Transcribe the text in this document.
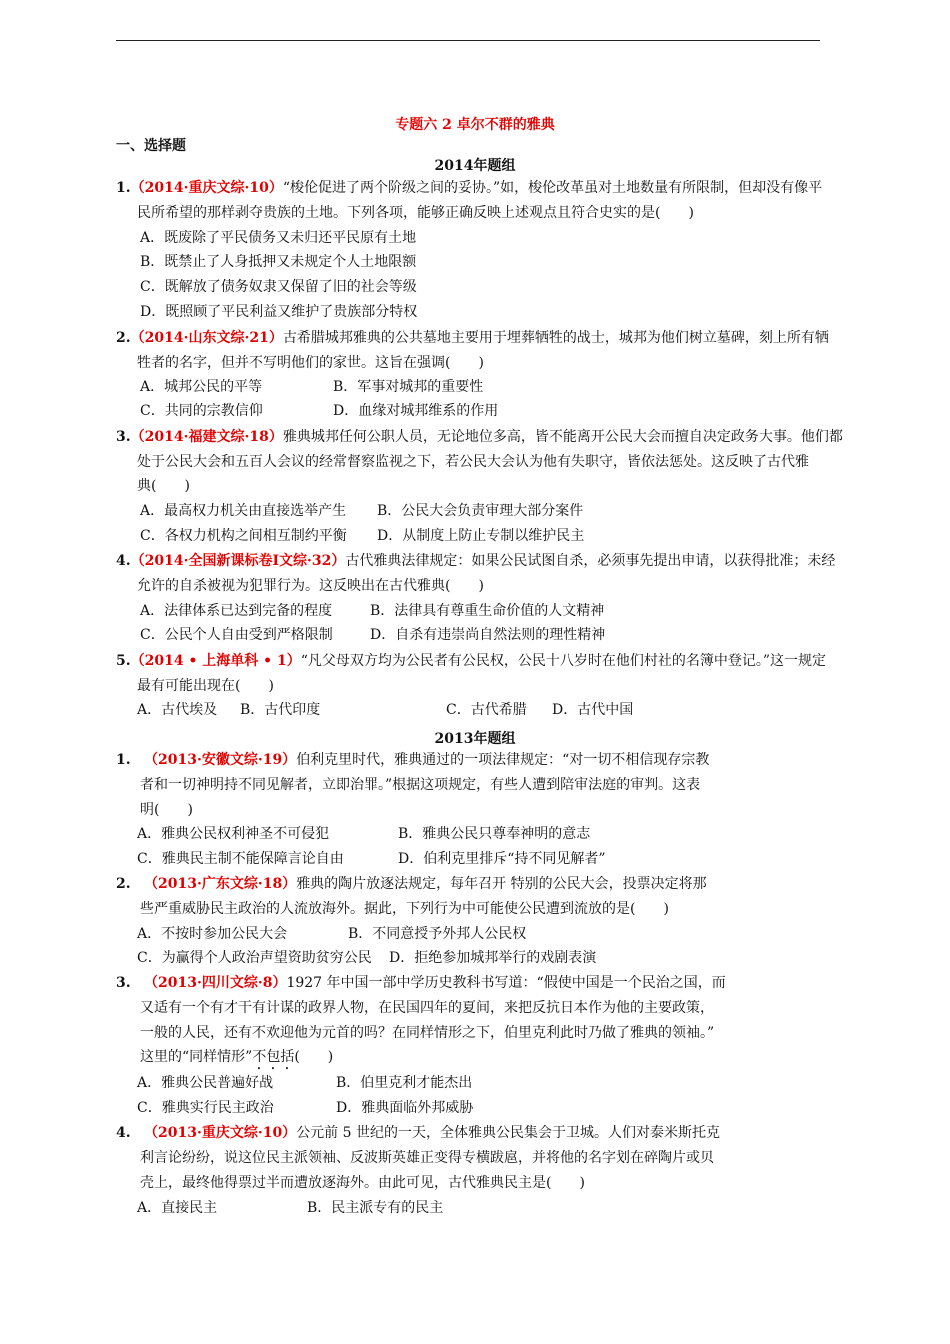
专题六 2 卓尔不群的雅典
一、选择题
2014年题组
1.（2014·重庆文综·10）“梭伦促进了两个阶级之间的妥协。”如，梭伦改革虽对土地数量有所限制，但却没有像平
民所希望的那样剥夺贵族的土地。下列各项，能够正确反映上述观点且符合史实的是(　　)
A．既废除了平民债务又未归还平民原有土地
B．既禁止了人身抵押又未规定个人土地限额
C．既解放了债务奴隶又保留了旧的社会等级
D．既照顾了平民利益又维护了贵族部分特权
2.（2014·山东文综·21）古希腊城邦雅典的公共墓地主要用于埋葬牺牲的战士，城邦为他们树立墓碑，刻上所有牺
牲者的名字，但并不写明他们的家世。这旨在强调(　　)
A．城邦公民的平等	B．军事对城邦的重要性
C．共同的宗教信仰	D．血缘对城邦维系的作用
3.（2014·福建文综·18）雅典城邦任何公职人员，无论地位多高，皆不能离开公民大会而擅自决定政务大事。他们都
处于公民大会和五百人会议的经常督察监视之下，若公民大会认为他有失职守，皆依法惩处。这反映了古代雅
典(　　)
A．最高权力机关由直接选举产生 B．公民大会负责审理大部分案件
C．各权力机构之间相互制约平衡 D．从制度上防止专制以维护民主
4.（2014·全国新课标卷Ⅰ文综·32）古代雅典法律规定：如果公民试图自杀，必须事先提出申请，以获得批准；未经
允许的自杀被视为犯罪行为。这反映出在古代雅典(　　)
A．法律体系已达到完备的程度	B．法律具有尊重生命价值的人文精神
C．公民个人自由受到严格限制	D．自杀有违崇尚自然法则的理性精神
5.（2014 • 上海单科 • 1）“凡父母双方均为公民者有公民权，公民十八岁时在他们村社的名簿中登记。”这一规定
最有可能出现在(　　)
A．古代埃及 B．古代印度	C．古代希腊 D．古代中国
2013年题组
1. （2013·安徽文综·19）伯利克里时代，雅典通过的一项法律规定：“对一切不相信现存宗教
者和一切神明持不同见解者，立即治罪。”根据这项规定，有些人遭到陪审法庭的审判。这表
明(　　)
A．雅典公民权利神圣不可侵犯	B．雅典公民只尊奉神明的意志
C．雅典民主制不能保障言论自由	D．伯利克里排斥“持不同见解者”
2. （2013·广东文综·18）雅典的陶片放逐法规定，每年召开 特别的公民大会，投票决定将那
些严重威胁民主政治的人流放海外。据此，下列行为中可能使公民遭到流放的是(　　)
A．不按时参加公民大会	B．不同意授予外邦人公民权
C．为赢得个人政治声望资助贫穷公民 D．拒绝参加城邦举行的戏剧表演
3. （2013·四川文综·8）1927 年中国一部中学历史教科书写道：“假使中国是一个民治之国，而
又适有一个有才干有计谋的政界人物，在民国四年的夏间，来把反抗日本作为他的主要政策，
一般的人民，还有不欢迎他为元首的吗？在同样情形之下，伯里克利此时乃做了雅典的领袖。”
这里的“同样情形”不包括(　　)
A．雅典公民普遍好战	B．伯里克利才能杰出
C．雅典实行民主政治	D．雅典面临外邦威胁
4. （2013·重庆文综·10）公元前 5 世纪的一天，全体雅典公民集会于卫城。人们对泰米斯托克
利言论纷纷，说这位民主派领袖、反波斯英雄正变得专横跋扈，并将他的名字划在碎陶片或贝
壳上，最终他得票过半而遭放逐海外。由此可见，古代雅典民主是(　　)
A．直接民主	B．民主派专有的民主
